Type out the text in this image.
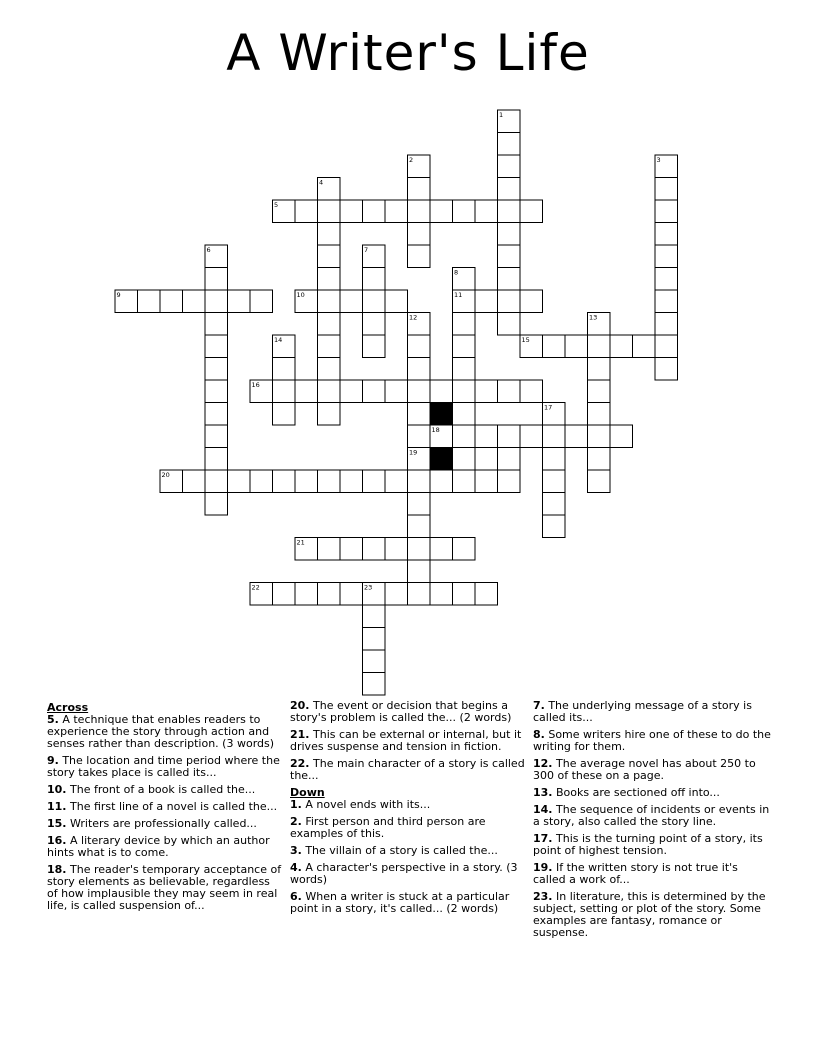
A Writer's Life
1
2	3
4
5
6	7
8
9	10	11
12	13
14	15
16
17
18
19
20
21
22	23
Across
5. A technique that enables readers to experience the story through action and senses rather than description. (3 words)
9. The location and time period where the story takes place is called its...
10. The front of a book is called the...
11. The first line of a novel is called the...
15. Writers are professionally called...
16. A literary device by which an author hints what is to come.
18. The reader's temporary acceptance of story elements as believable, regardless of how implausible they may seem in real life, is called suspension of...
20. The event or decision that begins a story's problem is called the... (2 words)
21. This can be external or internal, but it drives suspense and tension in fiction.
22. The main character of a story is called the...
Down
1. A novel ends with its...
2. First person and third person are examples of this.
3. The villain of a story is called the...
4. A character's perspective in a story. (3 words)
6. When a writer is stuck at a particular point in a story, it's called... (2 words)
7. The underlying message of a story is called its...
8. Some writers hire one of these to do the writing for them.
12. The average novel has about 250 to 300 of these on a page.
13. Books are sectioned off into...
14. The sequence of incidents or events in a story, also called the story line.
17. This is the turning point of a story, its point of highest tension.
19. If the written story is not true it's called a work of...
23. In literature, this is determined by the subject, setting or plot of the story. Some examples are fantasy, romance or suspense.
